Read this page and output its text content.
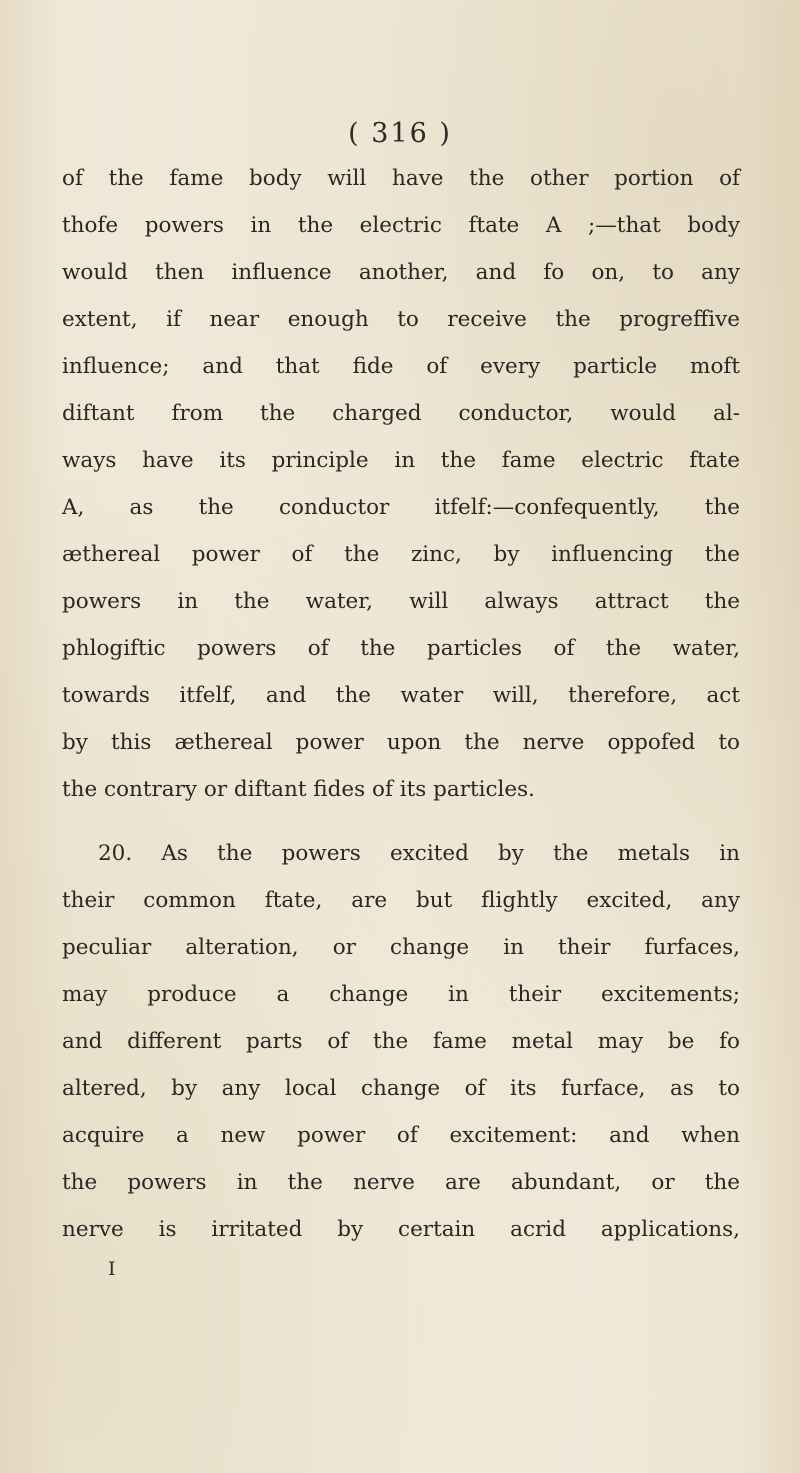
( 316 )
of the fame body will have the other portion of
thofe powers in the electric ftate A ;—that body
would then influence another, and fo on, to any
extent, if near enough to receive the progreffive
influence; and that fide of every particle moft
diftant from the charged conductor, would al-
ways have its principle in the fame electric ftate
A, as the conductor itfelf:—confequently, the
æthereal power of the zinc, by influencing the
powers in the water, will always attract the
phlogiftic powers of the particles of the water,
towards itfelf, and the water will, therefore, act
by this æthereal power upon the nerve oppofed to
the contrary or diftant fides of its particles.
20. As the powers excited by the metals in
their common ftate, are but flightly excited, any
peculiar alteration, or change in their furfaces,
may produce a change in their excitements;
and different parts of the fame metal may be fo
altered, by any local change of its furface, as to
acquire a new power of excitement: and when
the powers in the nerve are abundant, or the
nerve is irritated by certain acrid applications,
I
